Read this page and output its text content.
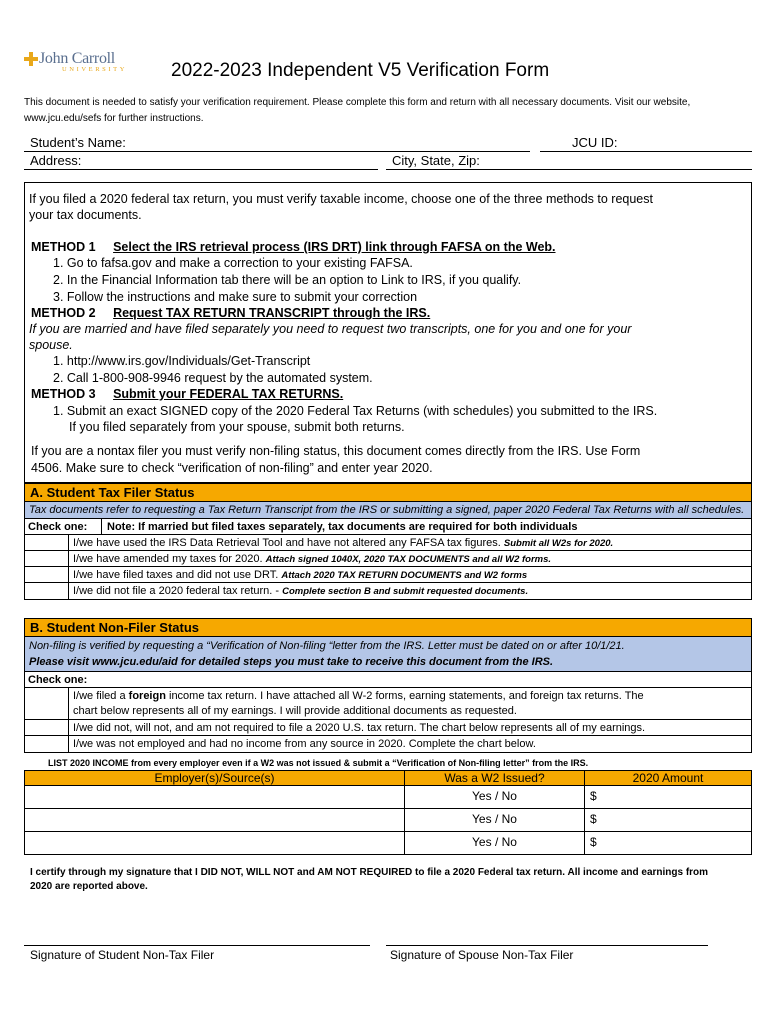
John Carroll
UNIVERSITY 2022-2023 Independent V5 Verification Form
This document is needed to satisfy your verification requirement. Please complete this form and return with all necessary documents. Visit our website, www.jcu.edu/sefs for further instructions.
Student’s Name:	JCU ID:
Address:	City, State, Zip:
If you filed a 2020 federal tax return, you must verify taxable income, choose one of the three methods to request
your tax documents.
METHOD 1 Select the IRS retrieval process (IRS DRT) link through FAFSA on the Web.
1. Go to fafsa.gov and make a correction to your existing FAFSA.
2. In the Financial Information tab there will be an option to Link to IRS, if you qualify.
3. Follow the instructions and make sure to submit your correction
METHOD 2 Request TAX RETURN TRANSCRIPT through the IRS.
If you are married and have filed separately you need to request two transcripts, one for you and one for your
spouse.
1. http://www.irs.gov/Individuals/Get-Transcript
2. Call 1-800-908-9946 request by the automated system.
METHOD 3 Submit your FEDERAL TAX RETURNS.
1. Submit an exact SIGNED copy of the 2020 Federal Tax Returns (with schedules) you submitted to the IRS.
If you filed separately from your spouse, submit both returns.
If you are a nontax filer you must verify non-filing status, this document comes directly from the IRS. Use Form
4506. Make sure to check “verification of non-filing” and enter year 2020.
A. Student Tax Filer Status
Tax documents refer to requesting a Tax Return Transcript from the IRS or submitting a signed, paper 2020 Federal Tax Returns with all schedules.
Check one: Note: If married but filed taxes separately, tax documents are required for both individuals
I/we have used the IRS Data Retrieval Tool and have not altered any FAFSA tax figures. Submit all W2s for 2020.
I/we have amended my taxes for 2020. Attach signed 1040X, 2020 TAX DOCUMENTS and all W2 forms.
I/we have filed taxes and did not use DRT. Attach 2020 TAX RETURN DOCUMENTS and W2 forms
I/we did not file a 2020 federal tax return. - Complete section B and submit requested documents.
B. Student Non-Filer Status
Non-filing is verified by requesting a “Verification of Non-filing “letter from the IRS. Letter must be dated on or after 10/1/21.
Please visit www.jcu.edu/aid for detailed steps you must take to receive this document from the IRS.
Check one:
I/we filed a foreign income tax return. I have attached all W-2 forms, earning statements, and foreign tax returns. The
chart below represents all of my earnings. I will provide additional documents as requested.
I/we did not, will not, and am not required to file a 2020 U.S. tax return. The chart below represents all of my earnings.
I/we was not employed and had no income from any source in 2020. Complete the chart below.
LIST 2020 INCOME from every employer even if a W2 was not issued & submit a “Verification of Non-filing letter” from the IRS.
Employer(s)/Source(s)	Was a W2 Issued?	2020 Amount
	Yes / No	$
	Yes / No	$
	Yes / No	$
I certify through my signature that I DID NOT, WILL NOT and AM NOT REQUIRED to file a 2020 Federal tax return. All income and earnings from 2020 are reported above.
Signature of Student Non-Tax Filer	Signature of Spouse Non-Tax Filer
